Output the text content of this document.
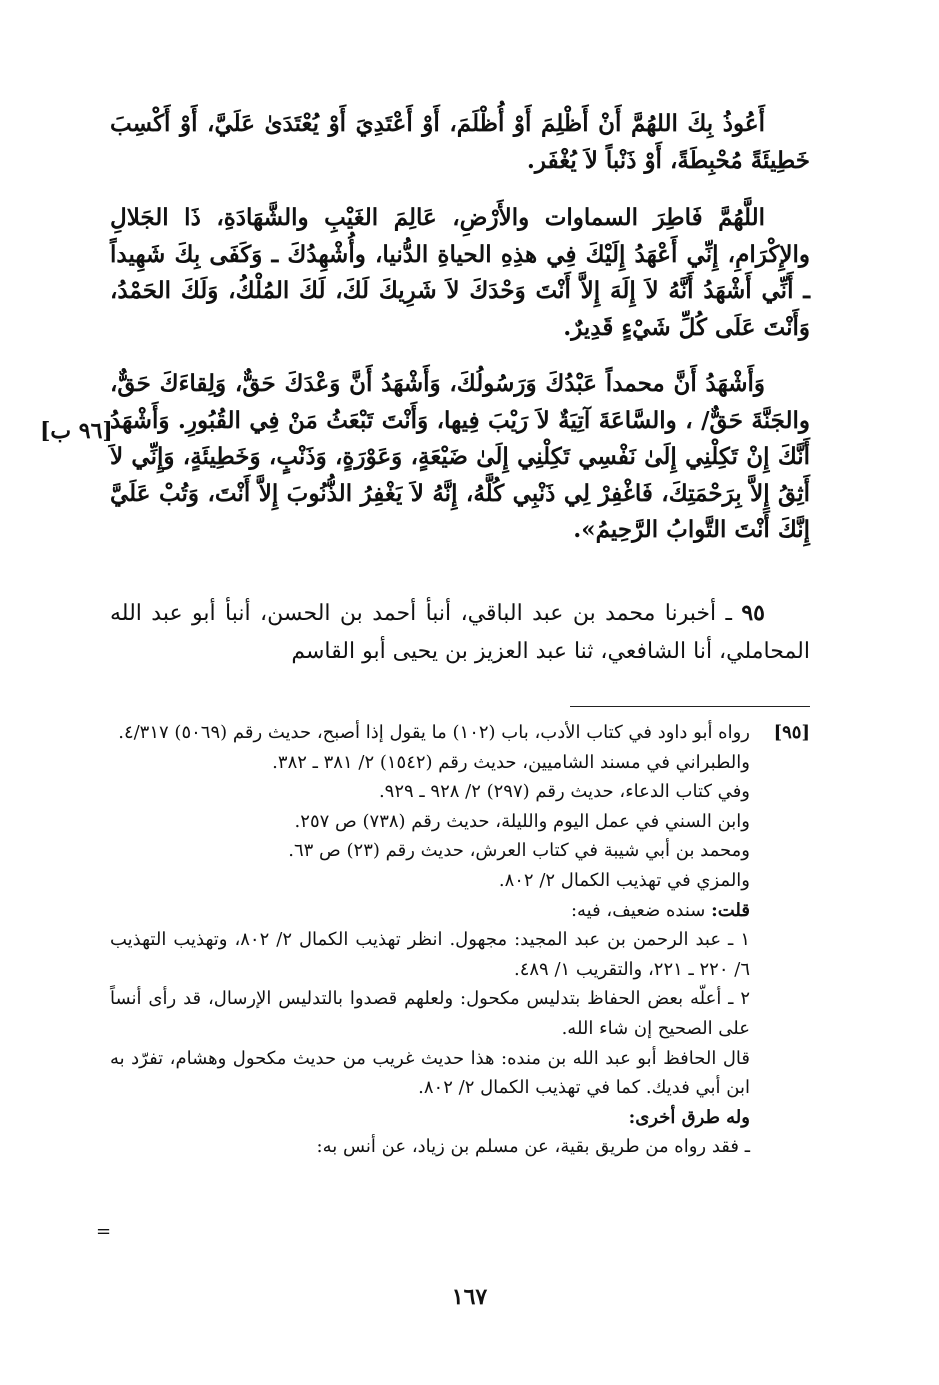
أَعُوذُ بِكَ اللهُمَّ أَنْ أَظْلِمَ أَوْ أُظْلَمَ، أَوْ أَعْتَدِيَ أَوْ يُعْتَدَىٰ عَلَيَّ، أَوْ أَكْسِبَ خَطِيئَةً مُحْبِطَةً، أَوْ ذَنْباً لاَ يُغْفَر.

اللَّهُمَّ فَاطِرَ السماوات والأَرْضِ، عَالِمَ الغَيْبِ والشَّهَادَةِ، ذَا الجَلالِ والإِكْرَامِ، إِنِّي أَعْهَدُ إِلَيْكَ فِي هذِهِ الحياةِ الدُّنيا، وأُشْهِدُكَ ـ وَكَفَى بِكَ شَهِيداً ـ أَنِّي أَشْهَدُ أَنَّهُ لاَ إِلَهَ إِلاَّ أَنْتَ وَحْدَكَ لاَ شَرِيكَ لَكَ، لَكَ المُلْكُ، وَلَكَ الحَمْدُ، وَأَنْتَ عَلَى كُلِّ شَيْءٍ قَدِيرٌ.

وَأَشْهَدُ أَنَّ محمداً عَبْدُكَ وَرَسُولُكَ، وَأَشْهَدُ أَنَّ وَعْدَكَ حَقٌّ، وَلِقاءَكَ حَقٌّ، والجَنَّةَ حَقٌّ/ ، والسَّاعَةَ آتِيَةٌ لاَ رَيْبَ فِيها، وَأَنْتَ تَبْعَثُ مَنْ فِي القُبُورِ. وَأَشْهَدُ أَنَّكَ إِنْ تَكِلْنِي إِلَىٰ نَفْسِي تَكِلْنِي إِلَىٰ ضَيْعَةٍ، وَعَوْرَةٍ، وَذَنْبٍ، وَخَطِيئَةٍ، وَإِنِّي لاَ أَثِقُ إِلاَّ بِرَحْمَتِكَ، فَاغْفِرْ لِي ذَنْبِي كُلَّهُ، إِنَّهُ لاَ يَغْفِرُ الذُّنُوبَ إِلاَّ أَنْتَ، وَتُبْ عَلَيَّ إِنَّكَ أَنْتَ التَّوابُ الرَّحِيمُ».

[٩٦ ب]

٩٥ ـ أخبرنا محمد بن عبد الباقي، أنبأ أحمد بن الحسن، أنبأ أبو عبد الله المحاملي، أنا الشافعي، ثنا عبد العزيز بن يحيى أبو القاسم

[٩٥]
رواه أبو داود في كتاب الأدب، باب (١٠٢) ما يقول إذا أصبح، حديث رقم (٥٠٦٩) ٤/٣١٧.
والطبراني في مسند الشاميين، حديث رقم (١٥٤٢) ٢/ ٣٨١ ـ ٣٨٢.
وفي كتاب الدعاء، حديث رقم (٢٩٧) ٢/ ٩٢٨ ـ ٩٢٩.
وابن السني في عمل اليوم والليلة، حديث رقم (٧٣٨) ص ٢٥٧.
ومحمد بن أبي شيبة في كتاب العرش، حديث رقم (٢٣) ص ٦٣.
والمزي في تهذيب الكمال ٢/ ٨٠٢.
قلت: سنده ضعيف، فيه:
١ ـ عبد الرحمن بن عبد المجيد: مجهول. انظر تهذيب الكمال ٢/ ٨٠٢، وتهذيب التهذيب ٦/ ٢٢٠ ـ ٢٢١، والتقريب ١/ ٤٨٩.
٢ ـ أعلّه بعض الحفاظ بتدليس مكحول: ولعلهم قصدوا بالتدليس الإرسال، قد رأى أنساً على الصحيح إن شاء الله.
قال الحافظ أبو عبد الله بن منده: هذا حديث غريب من حديث مكحول وهشام، تفرّد به ابن أبي فديك. كما في تهذيب الكمال ٢/ ٨٠٢.
وله طرق أخرى:
ـ فقد رواه من طريق بقية، عن مسلم بن زياد، عن أنس به:
=
١٦٧
